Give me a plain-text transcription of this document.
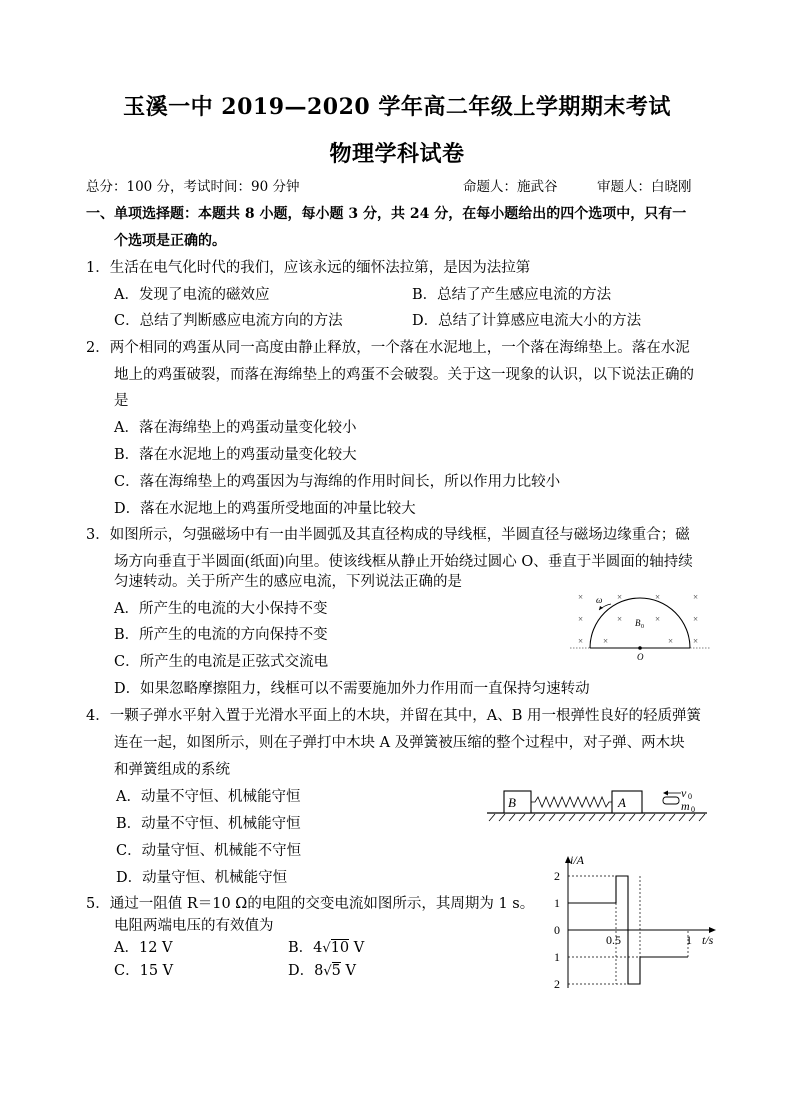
玉溪一中 2019—2020 学年高二年级上学期期末考试
物理学科试卷
总分：100 分，考试时间：90 分钟	命题人：施武谷	审题人：白晓刚
一、单项选择题：本题共 8 小题，每小题 3 分，共 24 分，在每小题给出的四个选项中，只有一
个选项是正确的。
1．生活在电气化时代的我们，应该永远的缅怀法拉第，是因为法拉第
A．发现了电流的磁效应	B．总结了产生感应电流的方法
C．总结了判断感应电流方向的方法	D．总结了计算感应电流大小的方法
2．两个相同的鸡蛋从同一高度由静止释放，一个落在水泥地上，一个落在海绵垫上。落在水泥
地上的鸡蛋破裂，而落在海绵垫上的鸡蛋不会破裂。关于这一现象的认识，以下说法正确的
是
A．落在海绵垫上的鸡蛋动量变化较小
B．落在水泥地上的鸡蛋动量变化较大
C．落在海绵垫上的鸡蛋因为与海绵的作用时间长，所以作用力比较小
D．落在水泥地上的鸡蛋所受地面的冲量比较大
3．如图所示，匀强磁场中有一由半圆弧及其直径构成的导线框，半圆直径与磁场边缘重合；磁
场方向垂直于半圆面(纸面)向里。使该线框从静止开始绕过圆心 O、垂直于半圆面的轴持续
匀速转动。关于所产生的感应电流，下列说法正确的是
A．所产生的电流的大小保持不变
B．所产生的电流的方向保持不变
C．所产生的电流是正弦式交流电
D．如果忽略摩擦阻力，线框可以不需要施加外力作用而一直保持匀速转动
×	×	×	×
×	×	×	×
× ×	× ×
ω
B 0
O
4．一颗子弹水平射入置于光滑水平面上的木块，并留在其中，A、B 用一根弹性良好的轻质弹簧
连在一起，如图所示，则在子弹打中木块 A 及弹簧被压缩的整个过程中，对子弹、两木块
和弹簧组成的系统
A．动量不守恒、机械能守恒
B．动量不守恒、机械能守恒
C．动量守恒、机械能不守恒
D．动量守恒、机械能守恒
B	A
v 0
m 0
5．通过一阻值 R＝10 Ω的电阻的交变电流如图所示，其周期为 1 s。
电阻两端电压的有效值为
A．12 V	B．4√10 V
C．15 V	D．8√5 V
i/A
t/s
2
1
0
1
2
0.5	1
